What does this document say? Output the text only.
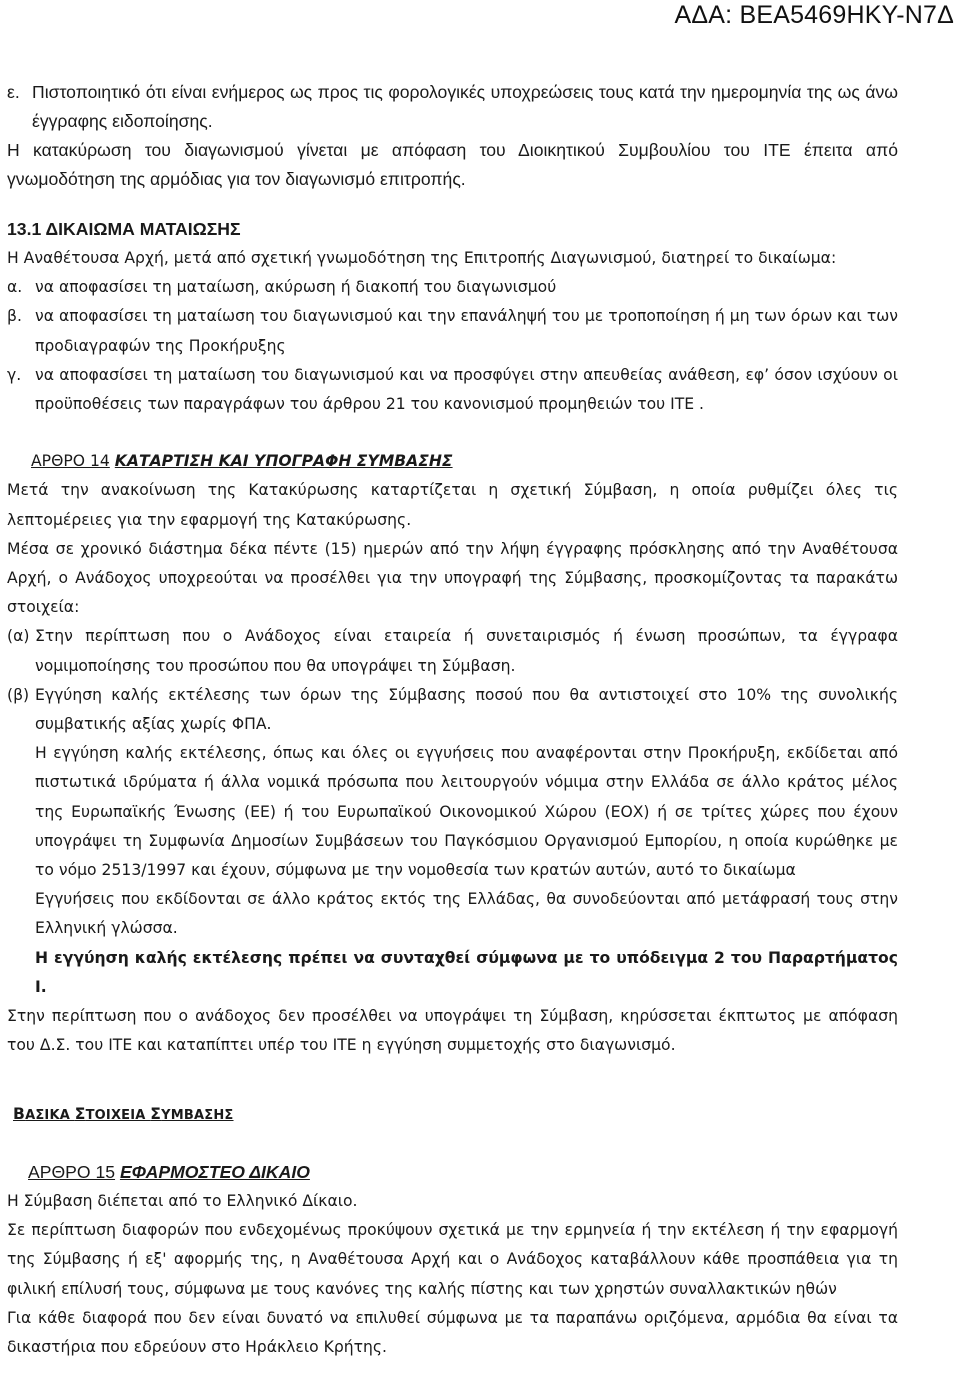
ΑΔΑ: ΒΕΑ5469ΗΚΥ-Ν7Δ
ε. Πιστοποιητικό ότι είναι ενήμερος ως προς τις φορολογικές υποχρεώσεις τους κατά την ημερομηνία της ως άνω έγγραφης ειδοποίησης.

Η κατακύρωση του διαγωνισμού γίνεται με απόφαση του Διοικητικού Συμβουλίου του ΙΤΕ έπειτα από γνωμοδότηση της αρμόδιας για τον διαγωνισμό επιτροπής.

13.1 ΔΙΚΑΙΩΜΑ ΜΑΤΑΙΩΣΗΣ

Η Αναθέτουσα Αρχή, μετά από σχετική γνωμοδότηση της Επιτροπής Διαγωνισμού, διατηρεί το δικαίωμα:

α. να αποφασίσει τη ματαίωση, ακύρωση ή διακοπή του διαγωνισμού
β. να αποφασίσει τη ματαίωση του διαγωνισμού και την επανάληψή του με τροποποίηση ή μη των όρων και των προδιαγραφών της Προκήρυξης
γ. να αποφασίσει τη ματαίωση του διαγωνισμού και να προσφύγει στην απευθείας ανάθεση, εφ’ όσον ισχύουν οι προϋποθέσεις των παραγράφων του άρθρου 21 του κανονισμού προμηθειών του ΙΤΕ .

ΑΡΘΡΟ 14 ΚΑΤΑΡΤΙΣΗ ΚΑΙ ΥΠΟΓΡΑΦΗ ΣΥΜΒΑΣΗΣ

Μετά την ανακοίνωση της Κατακύρωσης καταρτίζεται η σχετική Σύμβαση, η οποία ρυθμίζει όλες τις λεπτομέρειες για την εφαρμογή της Κατακύρωσης.

Μέσα σε χρονικό διάστημα δέκα πέντε (15) ημερών από την λήψη έγγραφης πρόσκλησης από την Αναθέτουσα Αρχή, ο Ανάδοχος υποχρεούται να προσέλθει για την υπογραφή της Σύμβασης, προσκομίζοντας τα παρακάτω στοιχεία:

(α) Στην περίπτωση που ο Ανάδοχος είναι εταιρεία ή συνεταιρισμός ή ένωση προσώπων, τα έγγραφα νομιμοποίησης του προσώπου που θα υπογράψει τη Σύμβαση.
(β) Εγγύηση καλής εκτέλεσης των όρων της Σύμβασης ποσού που θα αντιστοιχεί στο 10% της συνολικής συμβατικής αξίας χωρίς ΦΠΑ.

Η εγγύηση καλής εκτέλεσης, όπως και όλες οι εγγυήσεις που αναφέρονται στην Προκήρυξη, εκδίδεται από πιστωτικά ιδρύματα ή άλλα νομικά πρόσωπα που λειτουργούν νόμιμα στην Ελλάδα σε άλλο κράτος μέλος της Ευρωπαϊκής Ένωσης (ΕΕ) ή του Ευρωπαϊκού Οικονομικού Χώρου (ΕΟΧ) ή σε τρίτες χώρες που έχουν υπογράψει τη Συμφωνία Δημοσίων Συμβάσεων του Παγκόσμιου Οργανισμού Εμπορίου, η οποία κυρώθηκε με το νόμο 2513/1997 και έχουν, σύμφωνα με την νομοθεσία των κρατών αυτών, αυτό το δικαίωμα

Εγγυήσεις που εκδίδονται σε άλλο κράτος εκτός της Ελλάδας, θα συνοδεύονται από μετάφρασή τους στην Ελληνική γλώσσα.

Η εγγύηση καλής εκτέλεσης πρέπει να συνταχθεί σύμφωνα με το υπόδειγμα 2 του Παραρτήματος Ι.

Στην περίπτωση που ο ανάδοχος δεν προσέλθει να υπογράψει τη Σύμβαση, κηρύσσεται έκπτωτος με απόφαση του Δ.Σ. του ΙΤΕ και καταπίπτει υπέρ του ΙΤΕ η εγγύηση συμμετοχής στο διαγωνισμό.

ΒΑΣΙΚΑ ΣΤΟΙΧΕΙΑ ΣΥΜΒΑΣΗΣ

ΑΡΘΡΟ 15 ΕΦΑΡΜΟΣΤΕΟ ΔΙΚΑΙΟ

Η Σύμβαση διέπεται από το Ελληνικό Δίκαιο.

Σε περίπτωση διαφορών που ενδεχομένως προκύψουν σχετικά με την ερμηνεία ή την εκτέλεση ή την εφαρμογή της Σύμβασης ή εξ' αφορμής της, η Αναθέτουσα Αρχή και ο Ανάδοχος καταβάλλουν κάθε προσπάθεια για τη φιλική επίλυσή τους, σύμφωνα με τους κανόνες της καλής πίστης και των χρηστών συναλλακτικών ηθών

Για κάθε διαφορά που δεν είναι δυνατό να επιλυθεί σύμφωνα με τα παραπάνω οριζόμενα, αρμόδια θα είναι τα δικαστήρια που εδρεύουν στο Ηράκλειο Κρήτης.
